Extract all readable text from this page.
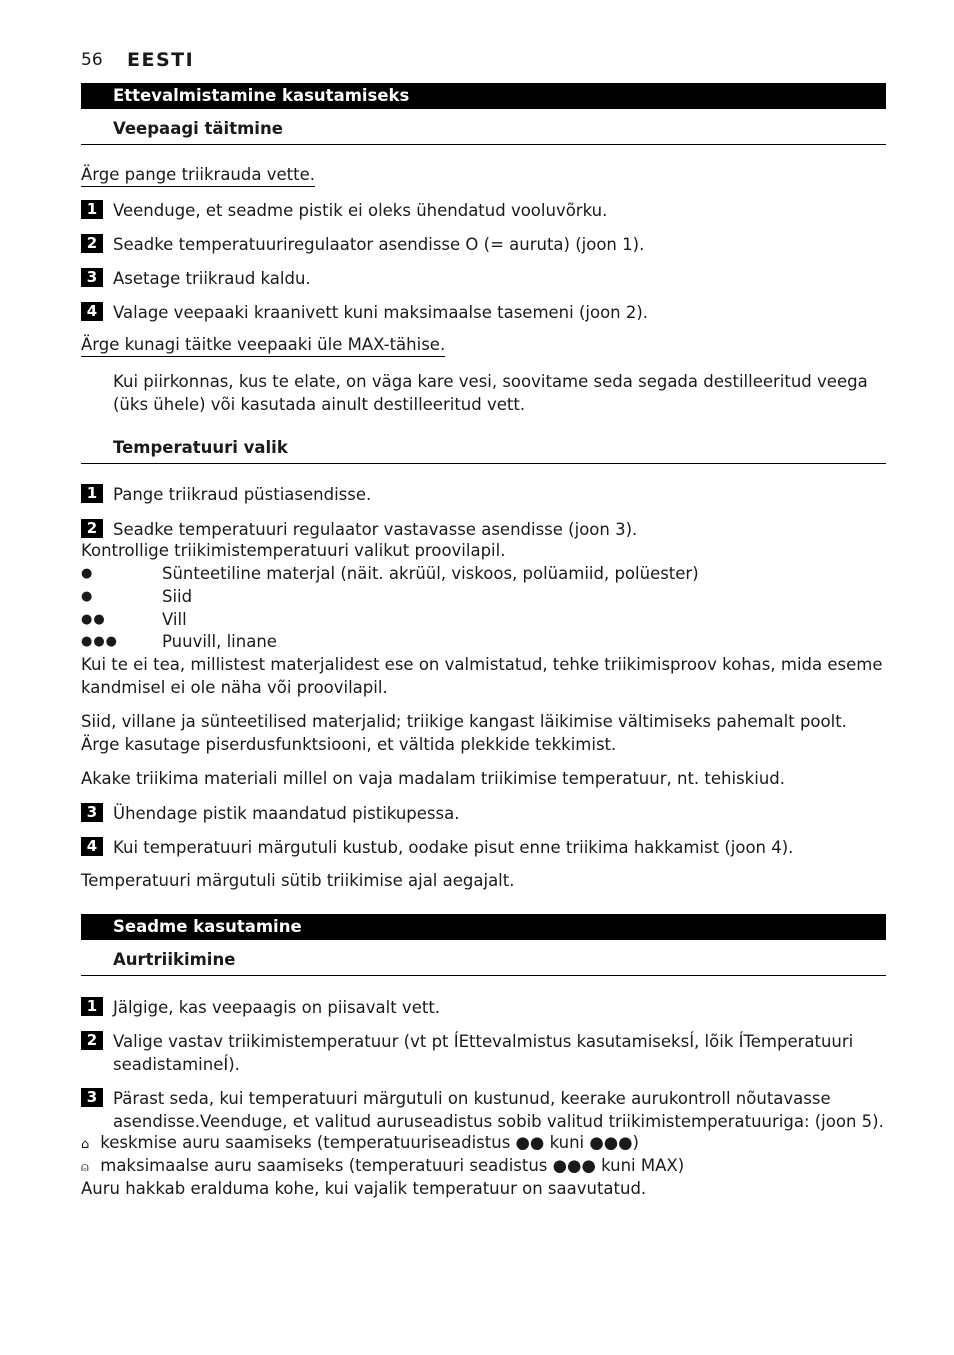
56 EESTI
Ettevalmistamine kasutamiseks
Veepaagi täitmine
Ärge pange triikrauda vette.
1 Veenduge, et seadme pistik ei oleks ühendatud vooluvõrku.
2 Seadke temperatuuriregulaator asendisse O (= auruta) (joon 1).
3 Asetage triikraud kaldu.
4 Valage veepaaki kraanivett kuni maksimaalse tasemeni (joon 2).
Ärge kunagi täitke veepaaki üle MAX-tähise.
Kui piirkonnas, kus te elate, on väga kare vesi, soovitame seda segada destilleeritud veega (üks ühele) või kasutada ainult destilleeritud vett.
Temperatuuri valik
1 Pange triikraud püstiasendisse.
2 Seadke temperatuuri regulaator vastavasse asendisse (joon 3).
Kontrollige triikimistemperatuuri valikut proovilapil.
●	Sünteetiline materjal (näit. akrüül, viskoos, polüamiid, polüester)
●	Siid
●●	Vill
●●●	Puuvill, linane
Kui te ei tea, millistest materjalidest ese on valmistatud, tehke triikimisproov kohas, mida eseme kandmisel ei ole näha või proovilapil.
Siid, villane ja sünteetilised materjalid; triikige kangast läikimise vältimiseks pahemalt poolt. Ärge kasutage piserdusfunktsiooni, et vältida plekkide tekkimist.
Akake triikima materiali millel on vaja madalam triikimise temperatuur, nt. tehiskiud.
3 Ühendage pistik maandatud pistikupessa.
4 Kui temperatuuri märgutuli kustub, oodake pisut enne triikima hakkamist (joon 4).
Temperatuuri märgutuli sütib triikimise ajal aegajalt.
Seadme kasutamine
Aurtriikimine
1 Jälgige, kas veepaagis on piisavalt vett.
2 Valige vastav triikimistemperatuur (vt pt ÍEttevalmistus kasutamiseksÍ, lõik ÍTemperatuuri seadistamineÍ).
3 Pärast seda, kui temperatuuri märgutuli on kustunud, keerake aurukontroll nõutavasse asendisse.Veenduge, et valitud auruseadistus sobib valitud triikimistemperatuuriga: (joon 5).
⌂ keskmise auru saamiseks (temperatuuriseadistus ●● kuni ●●●)
⍝ maksimaalse auru saamiseks (temperatuuri seadistus ●●● kuni MAX)
Auru hakkab eralduma kohe, kui vajalik temperatuur on saavutatud.
